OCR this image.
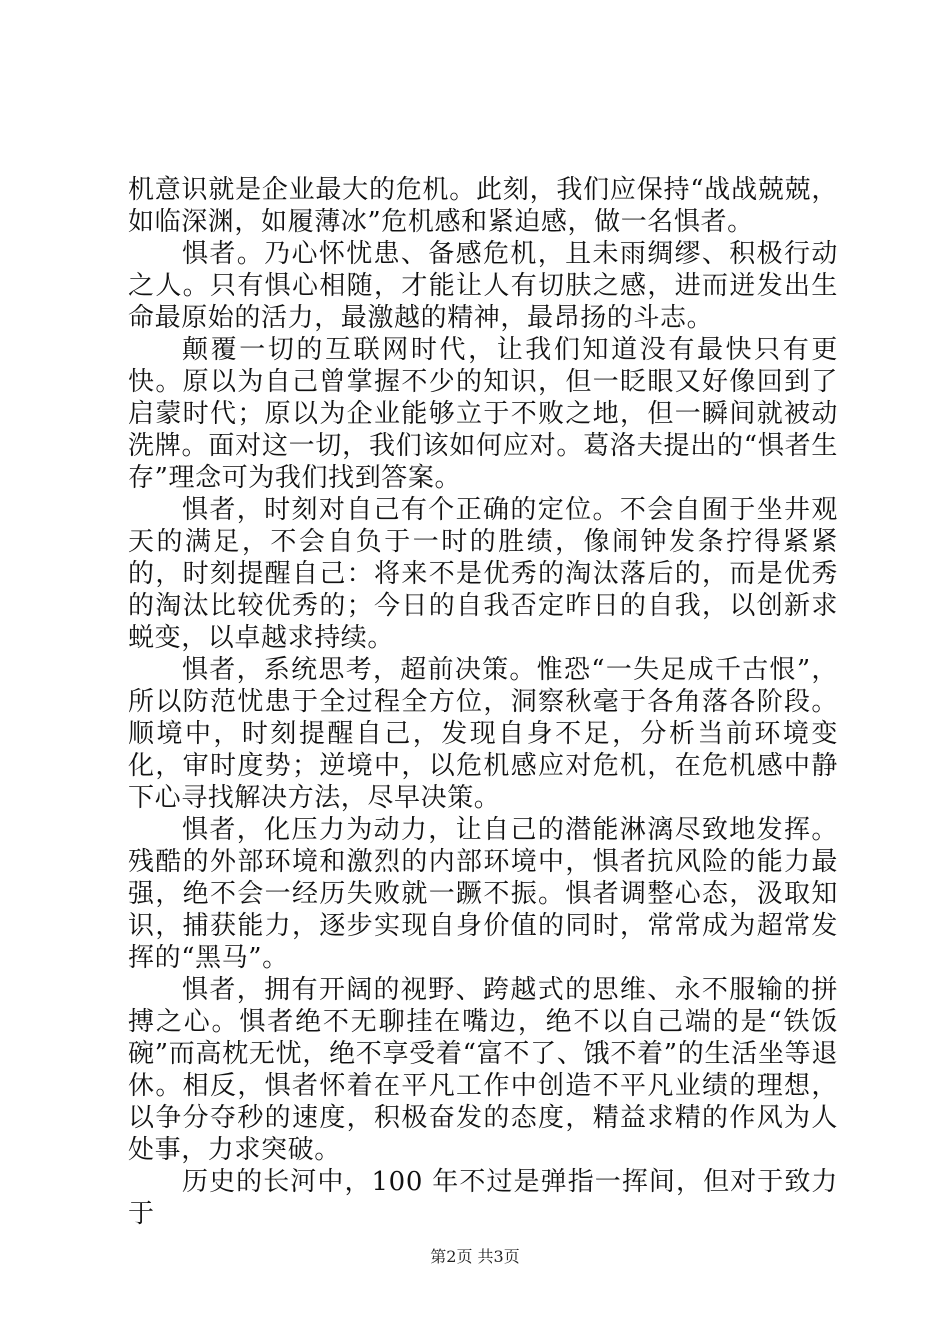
机意识就是企业最大的危机。此刻，我们应保持“战战兢兢，如临深渊，如履薄冰”危机感和紧迫感，做一名惧者。

惧者。乃心怀忧患、备感危机，且未雨绸缪、积极行动之人。只有惧心相随，才能让人有切肤之感，进而迸发出生命最原始的活力，最激越的精神，最昂扬的斗志。

颠覆一切的互联网时代，让我们知道没有最快只有更快。原以为自己曾掌握不少的知识，但一眨眼又好像回到了启蒙时代；原以为企业能够立于不败之地，但一瞬间就被动洗牌。面对这一切，我们该如何应对。葛洛夫提出的“惧者生存”理念可为我们找到答案。

惧者，时刻对自己有个正确的定位。不会自囿于坐井观天的满足，不会自负于一时的胜绩，像闹钟发条拧得紧紧的，时刻提醒自己：将来不是优秀的淘汰落后的，而是优秀的淘汰比较优秀的；今日的自我否定昨日的自我，以创新求蜕变，以卓越求持续。

惧者，系统思考，超前决策。惟恐“一失足成千古恨”，所以防范忧患于全过程全方位，洞察秋毫于各角落各阶段。顺境中，时刻提醒自己，发现自身不足，分析当前环境变化，审时度势；逆境中，以危机感应对危机，在危机感中静下心寻找解决方法，尽早决策。

惧者，化压力为动力，让自己的潜能淋漓尽致地发挥。残酷的外部环境和激烈的内部环境中，惧者抗风险的能力最强，绝不会一经历失败就一蹶不振。惧者调整心态，汲取知识，捕获能力，逐步实现自身价值的同时，常常成为超常发挥的“黑马”。

惧者，拥有开阔的视野、跨越式的思维、永不服输的拼搏之心。惧者绝不无聊挂在嘴边，绝不以自己端的是“铁饭碗”而高枕无忧，绝不享受着“富不了、饿不着”的生活坐等退休。相反，惧者怀着在平凡工作中创造不平凡业绩的理想，以争分夺秒的速度，积极奋发的态度，精益求精的作风为人处事，力求突破。

历史的长河中，100 年不过是弹指一挥间，但对于致力于

第2页 共3页
